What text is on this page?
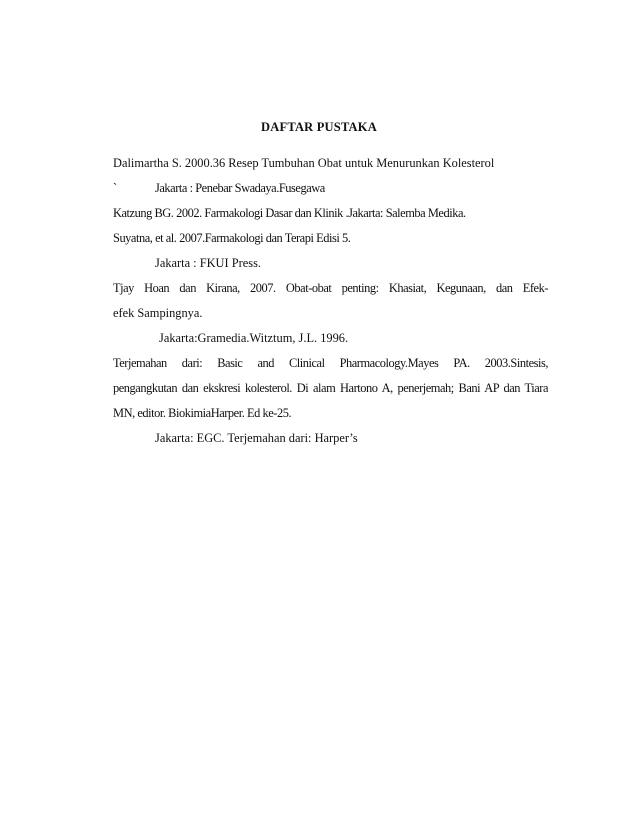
DAFTAR PUSTAKA
Dalimartha S. 2000.36 Resep Tumbuhan Obat untuk Menurunkan Kolesterol
`	Jakarta : Penebar Swadaya.Fusegawa
Katzung BG. 2002. Farmakologi Dasar dan Klinik .Jakarta: Salemba Medika.
Suyatna, et al. 2007.Farmakologi dan Terapi Edisi 5.
Jakarta : FKUI Press.
Tjay Hoan dan Kirana, 2007. Obat-obat penting: Khasiat, Kegunaan, dan Efek-
efek Sampingnya.
Jakarta:Gramedia.Witztum, J.L. 1996.
Terjemahan dari: Basic and Clinical Pharmacology.Mayes PA. 2003.Sintesis,
pengangkutan dan ekskresi kolesterol. Di alam Hartono A, penerjemah; Bani AP dan Tiara
MN, editor. BiokimiaHarper. Ed ke-25.
Jakarta: EGC. Terjemahan dari: Harper’s
